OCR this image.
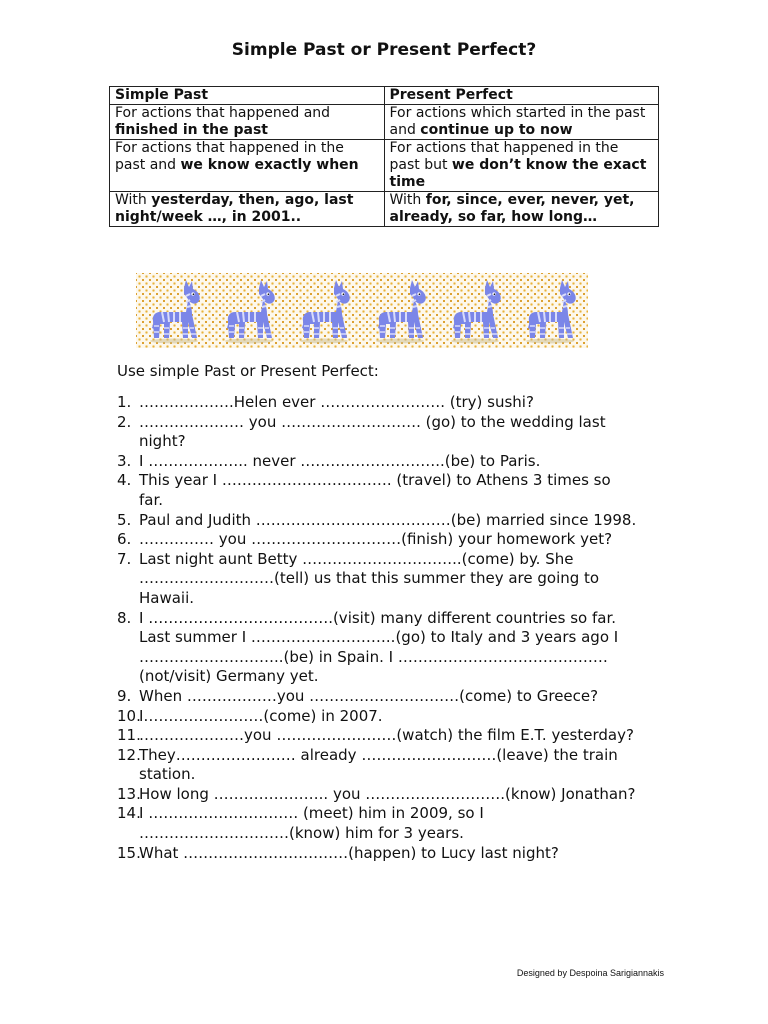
Simple Past or Present Perfect?
Simple Past	Present Perfect
For actions that happened and finished in the past	For actions which started in the past and continue up to now
For actions that happened in the past and we know exactly when	For actions that happened in the past but we don’t know the exact time
With yesterday, then, ago, last night/week …, in 2001..	With for, since, ever, never, yet, already, so far, how long…

Use simple Past or Present Perfect:

1. ……………….Helen ever ……………………. (try) sushi?
2. ………………… you ………………………. (go) to the wedding last night?
3. I ……………….. never ………………………..(be) to Paris.
4. This year I ……………………………. (travel) to Athens 3 times so far.
5. Paul and Judith …………………………………(be) married since 1998.
6. …………… you …………………………(finish) your homework yet?
7. Last night aunt Betty …………………………..(come) by. She ………………………(tell) us that this summer they are going to Hawaii.
8. I ……………………………….(visit) many different countries so far. Last summer I ………………………..(go) to Italy and 3 years ago I ………………………..(be) in Spain. I …………………………………… (not/visit) Germany yet.
9. When ………………you …………………………(come) to Greece?
10.
I……………………(come) in 2007.
11.
…………………you ……………………(watch) the film E.T. yesterday?
12.
They…………………… already ………………………(leave) the train station.
13.
How long ………………….. you ……………………….(know) Jonathan?
14.
I ………………………… (meet) him in 2009, so I …………………………(know) him for 3 years.
15.
What ……………………………(happen) to Lucy last night?

Designed by Despoina Sarigiannakis
